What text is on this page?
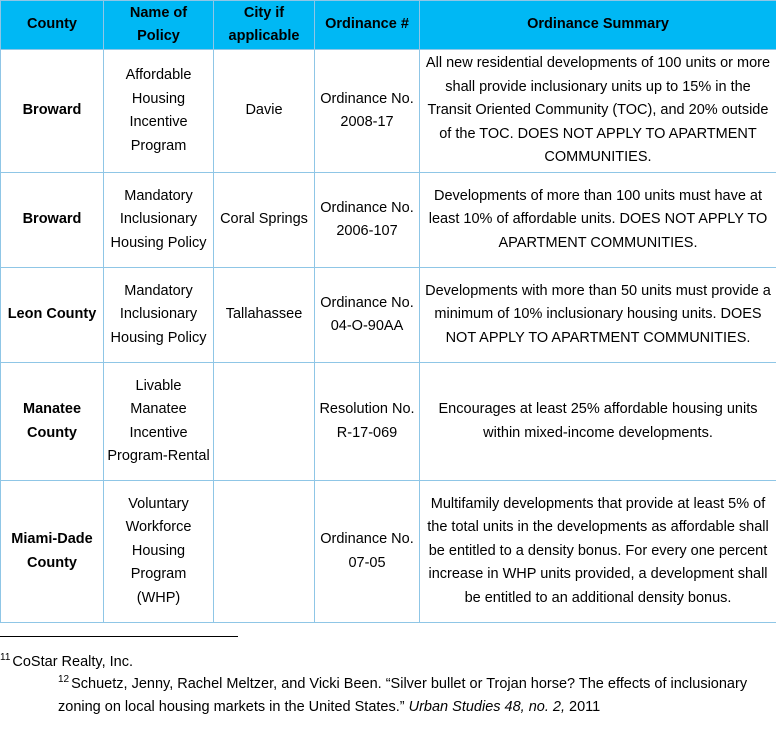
County	Name of Policy	City if applicable	Ordinance #	Ordinance Summary
Broward	Affordable Housing Incentive Program	Davie	Ordinance No. 2008-17	All new residential developments of 100 units or more shall provide inclusionary units up to 15% in the Transit Oriented Community (TOC), and 20% outside of the TOC. DOES NOT APPLY TO APARTMENT COMMUNITIES.
Broward	Mandatory Inclusionary Housing Policy	Coral Springs	Ordinance No. 2006-107	Developments of more than 100 units must have at least 10% of affordable units. DOES NOT APPLY TO APARTMENT COMMUNITIES.
Leon County	Mandatory Inclusionary Housing Policy	Tallahassee	Ordinance No. 04-O-90AA	Developments with more than 50 units must provide a minimum of 10% inclusionary housing units. DOES NOT APPLY TO APARTMENT COMMUNITIES.
Manatee County	Livable Manatee Incentive Program-Rental		Resolution No. R-17-069	Encourages at least 25% affordable housing units within mixed-income developments.
Miami-Dade County	Voluntary Workforce Housing Program (WHP)		Ordinance No. 07-05	Multifamily developments that provide at least 5% of the total units in the developments as affordable shall be entitled to a density bonus. For every one percent increase in WHP units provided, a development shall be entitled to an additional density bonus.
$^{11}$ CoStar Realty, Inc.
$^{12}$ Schuetz, Jenny, Rachel Meltzer, and Vicki Been. “Silver bullet or Trojan horse? The effects of inclusionary zoning on local housing markets in the United States.” Urban Studies 48, no. 2, 2011
